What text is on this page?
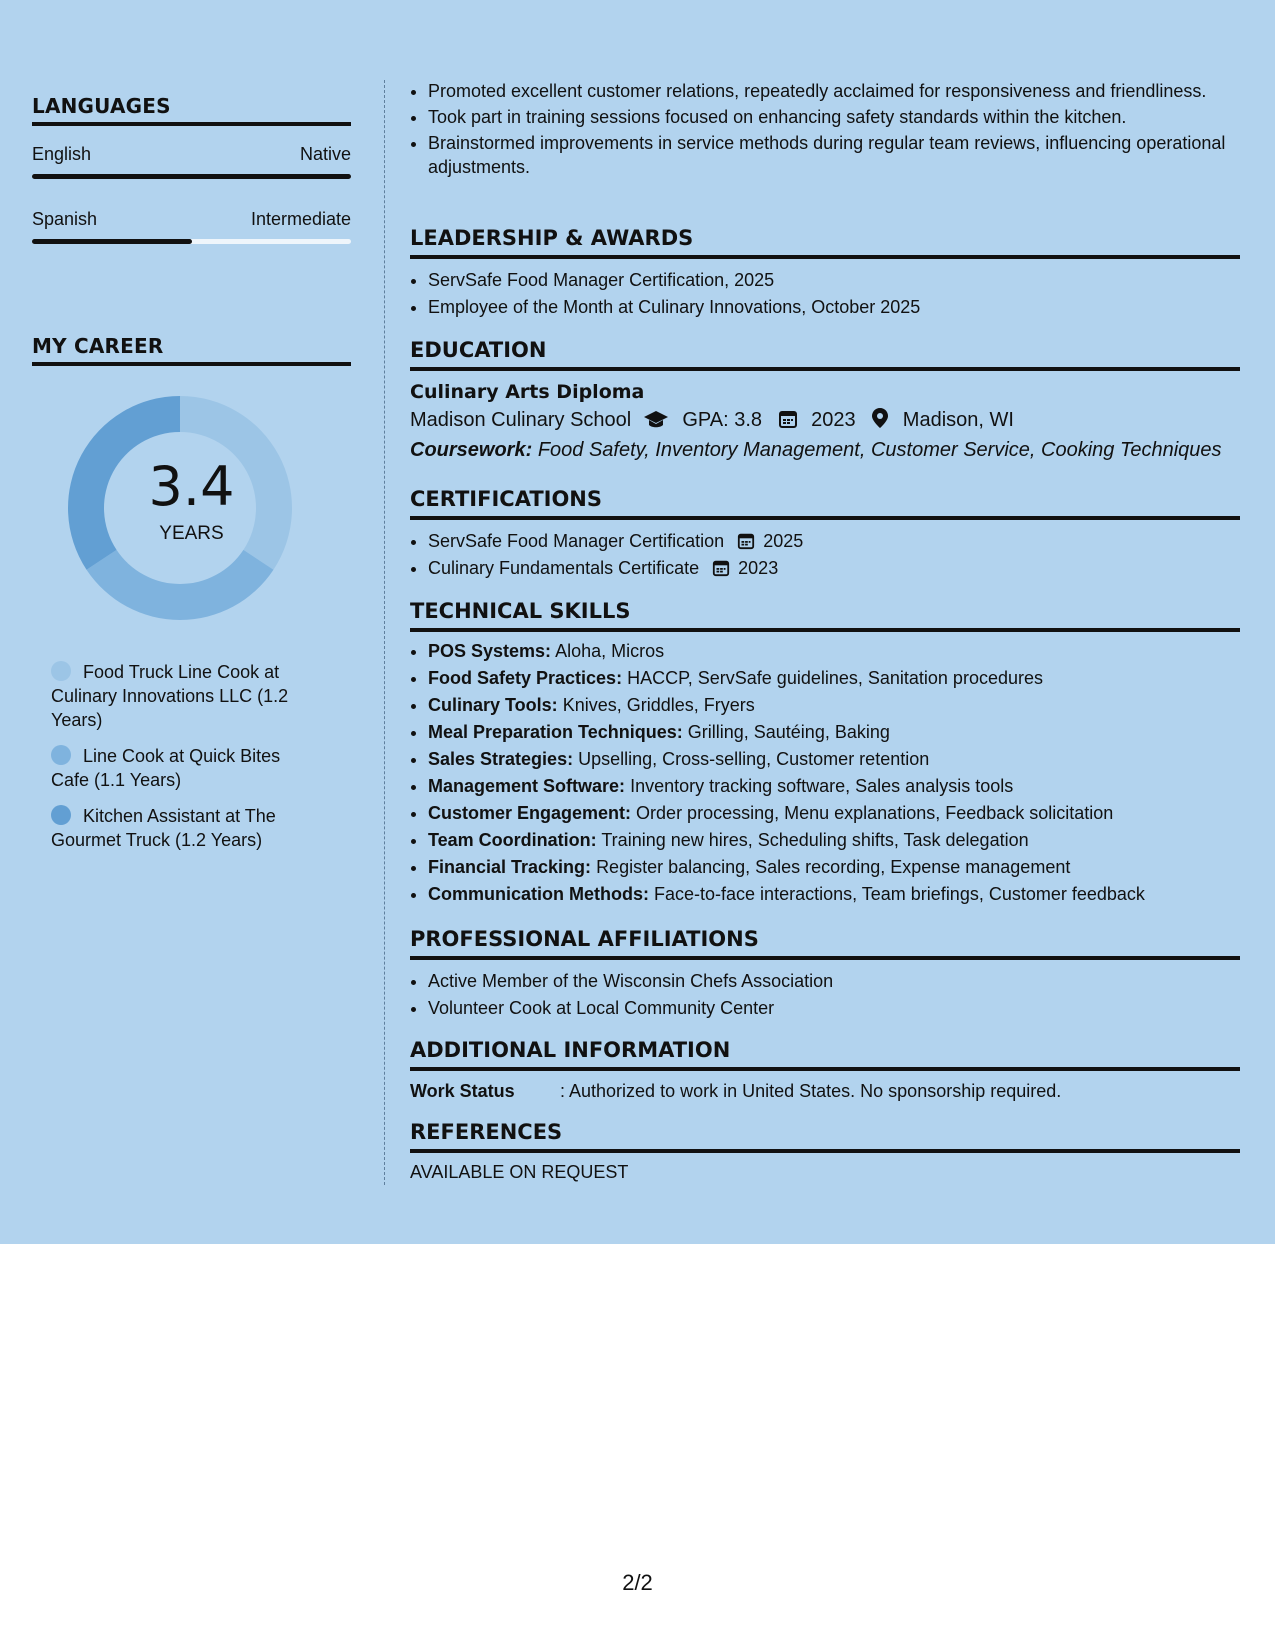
LANGUAGES
English	Native
Spanish	Intermediate
MY CAREER
3.4
YEARS
Food Truck Line Cook at Culinary Innovations LLC (1.2 Years)
Line Cook at Quick Bites Cafe (1.1 Years)
Kitchen Assistant at The Gourmet Truck (1.2 Years)
• Promoted excellent customer relations, repeatedly acclaimed for responsiveness and friendliness.
• Took part in training sessions focused on enhancing safety standards within the kitchen.
• Brainstormed improvements in service methods during regular team reviews, influencing operational adjustments.
LEADERSHIP & AWARDS
• ServSafe Food Manager Certification, 2025
• Employee of the Month at Culinary Innovations, October 2025
EDUCATION
Culinary Arts Diploma
Madison Culinary School	GPA: 3.8 2023 Madison, WI
Coursework: Food Safety, Inventory Management, Customer Service, Cooking Techniques
CERTIFICATIONS
• ServSafe Food Manager Certification 2025
• Culinary Fundamentals Certificate 2023
TECHNICAL SKILLS
• POS Systems: Aloha, Micros
• Food Safety Practices: HACCP, ServSafe guidelines, Sanitation procedures
• Culinary Tools: Knives, Griddles, Fryers
• Meal Preparation Techniques: Grilling, Sautéing, Baking
• Sales Strategies: Upselling, Cross-selling, Customer retention
• Management Software: Inventory tracking software, Sales analysis tools
• Customer Engagement: Order processing, Menu explanations, Feedback solicitation
• Team Coordination: Training new hires, Scheduling shifts, Task delegation
• Financial Tracking: Register balancing, Sales recording, Expense management
• Communication Methods: Face-to-face interactions, Team briefings, Customer feedback
PROFESSIONAL AFFILIATIONS
• Active Member of the Wisconsin Chefs Association
• Volunteer Cook at Local Community Center
ADDITIONAL INFORMATION
Work Status	: Authorized to work in United States. No sponsorship required.
REFERENCES
AVAILABLE ON REQUEST
2/2
